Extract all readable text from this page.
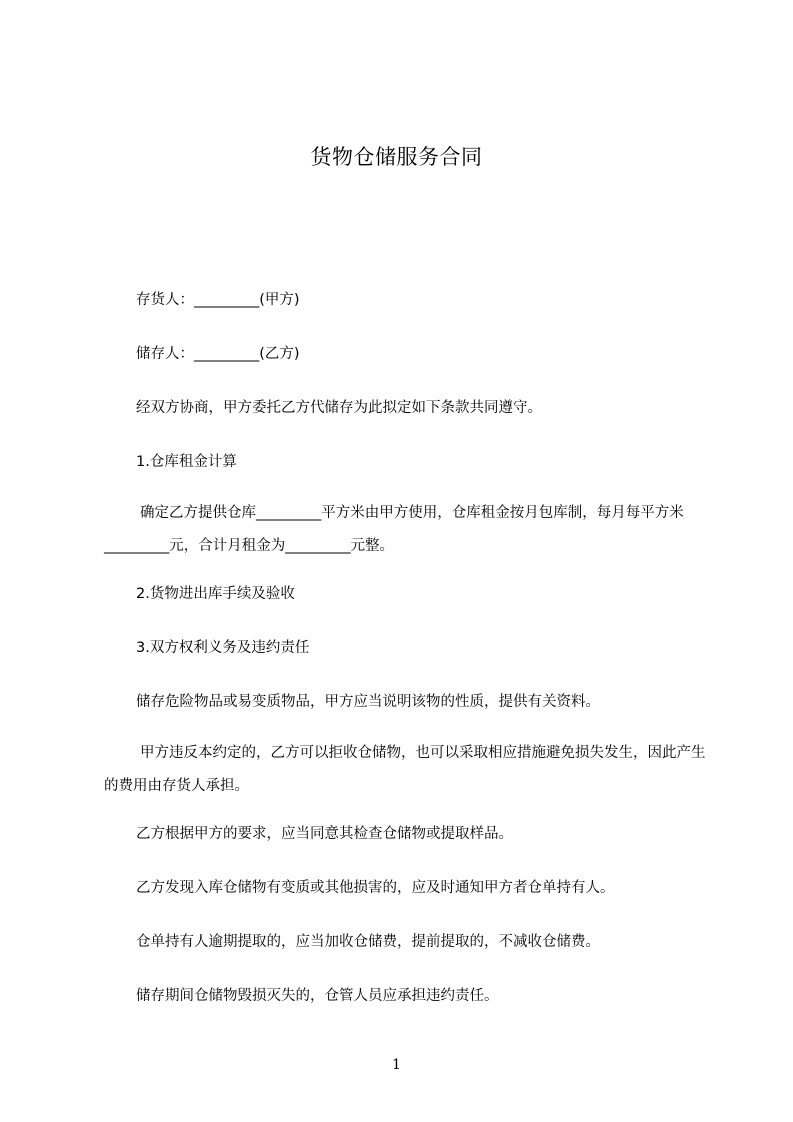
货物仓储服务合同

存货人：_________(甲方)

储存人：_________(乙方)

经双方协商，甲方委托乙方代储存为此拟定如下条款共同遵守。

1.仓库租金计算

确定乙方提供仓库_________平方米由甲方使用，仓库租金按月包库制，每月每平方米_________元，合计月租金为_________元整。

2.货物进出库手续及验收

3.双方权利义务及违约责任

储存危险物品或易变质物品，甲方应当说明该物的性质，提供有关资料。

甲方违反本约定的，乙方可以拒收仓储物，也可以采取相应措施避免损失发生，因此产生的费用由存货人承担。

乙方根据甲方的要求，应当同意其检查仓储物或提取样品。

乙方发现入库仓储物有变质或其他损害的，应及时通知甲方者仓单持有人。

仓单持有人逾期提取的，应当加收仓储费，提前提取的，不减收仓储费。

储存期间仓储物毁损灭失的，仓管人员应承担违约责任。

1
